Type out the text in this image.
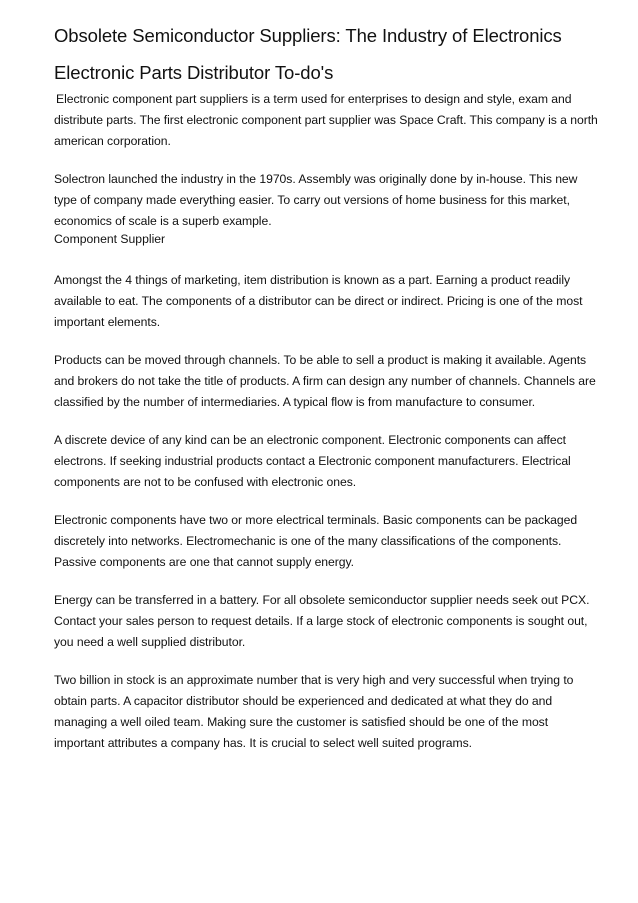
Obsolete Semiconductor Suppliers: The Industry of Electronics
Electronic Parts Distributor To-do's

Electronic component part suppliers is a term used for enterprises to design and style, exam and distribute parts. The first electronic component part supplier was Space Craft. This company is a north american corporation.

Solectron launched the industry in the 1970s. Assembly was originally done by in-house. This new type of company made everything easier. To carry out versions of home business for this market, economics of scale is a superb example.

Component Supplier

Amongst the 4 things of marketing, item distribution is known as a part. Earning a product readily available to eat. The components of a distributor can be direct or indirect. Pricing is one of the most important elements.

Products can be moved through channels. To be able to sell a product is making it available. Agents and brokers do not take the title of products. A firm can design any number of channels. Channels are classified by the number of intermediaries. A typical flow is from manufacture to consumer.

A discrete device of any kind can be an electronic component. Electronic components can affect electrons. If seeking industrial products contact a Electronic component manufacturers. Electrical components are not to be confused with electronic ones.

Electronic components have two or more electrical terminals. Basic components can be packaged discretely into networks. Electromechanic is one of the many classifications of the components. Passive components are one that cannot supply energy.

Energy can be transferred in a battery. For all obsolete semiconductor supplier needs seek out PCX. Contact your sales person to request details. If a large stock of electronic components is sought out, you need a well supplied distributor.

Two billion in stock is an approximate number that is very high and very successful when trying to obtain parts. A capacitor distributor should be experienced and dedicated at what they do and managing a well oiled team. Making sure the customer is satisfied should be one of the most important attributes a company has. It is crucial to select well suited programs.
